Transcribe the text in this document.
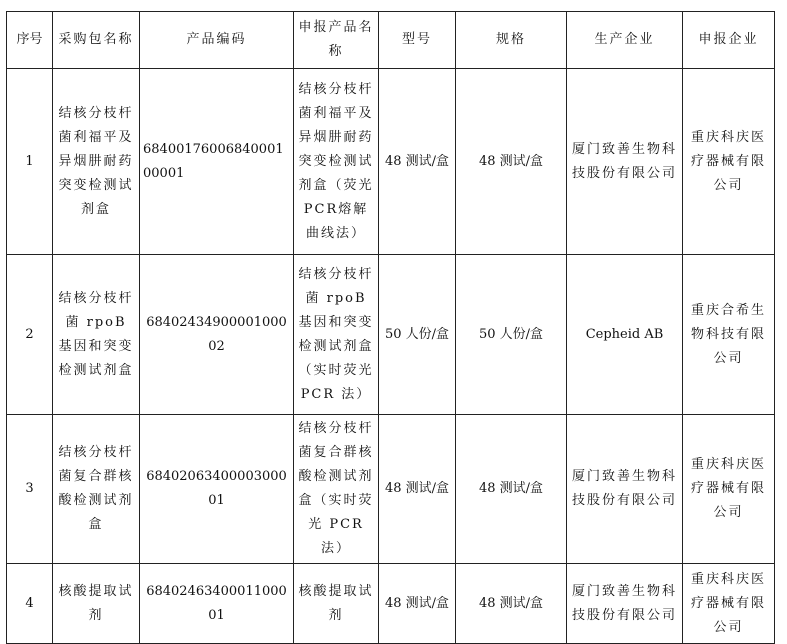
序号	采购包名称	产品编码	申报产品名称	型号	规格	生产企业	申报企业
1	结核分枝杆菌利福平及异烟肼耐药突变检测试剂盒	6840017600684000100001	结核分枝杆菌利福平及异烟肼耐药突变检测试剂盒（荧光PCR熔解曲线法）	48 测试/盒	48 测试/盒	厦门致善生物科技股份有限公司	重庆科庆医疗器械有限公司
2	结核分枝杆菌 rpoB 基因和突变检测试剂盒	6840243490000100002	结核分枝杆菌 rpoB 基因和突变检测试剂盒（实时荧光PCR 法）	50 人份/盒	50 人份/盒	Cepheid AB	重庆合希生物科技有限公司
3	结核分枝杆菌复合群核酸检测试剂盒	6840206340000300001	结核分枝杆菌复合群核酸检测试剂盒（实时荧光 PCR 法）	48 测试/盒	48 测试/盒	厦门致善生物科技股份有限公司	重庆科庆医疗器械有限公司
4	核酸提取试剂	6840246340001100001	核酸提取试剂	48 测试/盒	48 测试/盒	厦门致善生物科技股份有限公司	重庆科庆医疗器械有限公司
